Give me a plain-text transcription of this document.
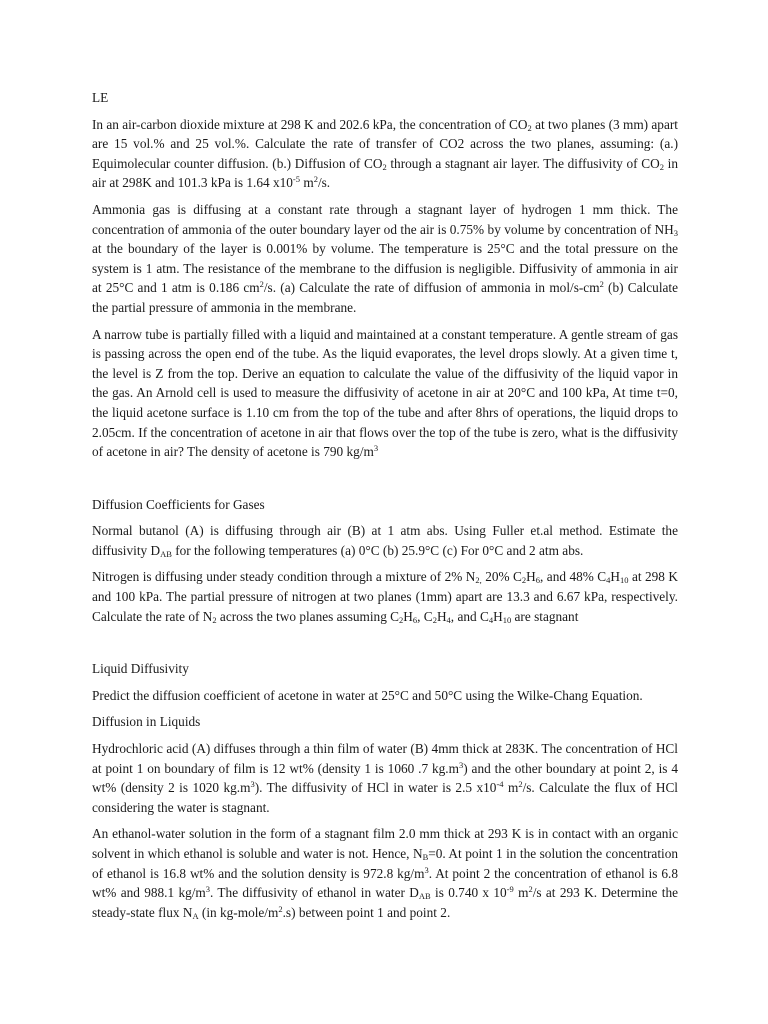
LE

In an air-carbon dioxide mixture at 298 K and 202.6 kPa, the concentration of $CO_2$ at two planes (3 mm) apart are 15 vol.% and 25 vol.%. Calculate the rate of transfer of CO2 across the two planes, assuming: (a.) Equimolecular counter diffusion. (b.) Diffusion of $CO_2$ through a stagnant air layer. The diffusivity of $CO_2$ in air at 298K and 101.3 kPa is 1.64 $x10^{-5}$ $m^2/s$.

Ammonia gas is diffusing at a constant rate through a stagnant layer of hydrogen 1 mm thick. The concentration of ammonia of the outer boundary layer od the air is 0.75% by volume by concentration of $NH_3$ at the boundary of the layer is 0.001% by volume. The temperature is 25°C and the total pressure on the system is 1 atm. The resistance of the membrane to the diffusion is negligible. Diffusivity of ammonia in air at 25°C and 1 atm is 0.186 $cm^2/s$. (a) Calculate the rate of diffusion of ammonia in mol/$s-cm^2$ (b) Calculate the partial pressure of ammonia in the membrane.

A narrow tube is partially filled with a liquid and maintained at a constant temperature. A gentle stream of gas is passing across the open end of the tube. As the liquid evaporates, the level drops slowly. At a given time t, the level is Z from the top. Derive an equation to calculate the value of the diffusivity of the liquid vapor in the gas. An Arnold cell is used to measure the diffusivity of acetone in air at 20°C and 100 kPa, At time t=0, the liquid acetone surface is 1.10 cm from the top of the tube and after 8hrs of operations, the liquid drops to 2.05cm. If the concentration of acetone in air that flows over the top of the tube is zero, what is the diffusivity of acetone in air? The density of acetone is 790 $kg/m^3$

Diffusion Coefficients for Gases

Normal butanol (A) is diffusing through air (B) at 1 atm abs. Using Fuller et.al method. Estimate the diffusivity $D_{AB}$ for the following temperatures (a) 0°C (b) 25.9°C (c) For 0°C and 2 atm abs.

Nitrogen is diffusing under steady condition through a mixture of 2% $N_{2,}$ 20% $C_2H_6$, and 48% $C_4H_{10}$ at 298 K and 100 kPa. The partial pressure of nitrogen at two planes (1mm) apart are 13.3 and 6.67 kPa, respectively. Calculate the rate of $N_2$ across the two planes assuming $C_2H_6$, $C_2H_4$, and $C_4H_{10}$ are stagnant

Liquid Diffusivity

Predict the diffusion coefficient of acetone in water at 25°C and 50°C using the Wilke-Chang Equation.

Diffusion in Liquids

Hydrochloric acid (A) diffuses through a thin film of water (B) 4mm thick at 283K. The concentration of HCl at point 1 on boundary of film is 12 wt% (density 1 is 1060 .7 $kg.m^3$) and the other boundary at point 2, is 4 wt% (density 2 is 1020 $kg.m^3$). The diffusivity of HCl in water is 2.5 $x10^{-4}$ $m^2/s$. Calculate the flux of HCl considering the water is stagnant.

An ethanol-water solution in the form of a stagnant film 2.0 mm thick at 293 K is in contact with an organic solvent in which ethanol is soluble and water is not. Hence, $N_B=0$. At point 1 in the solution the concentration of ethanol is 16.8 wt% and the solution density is 972.8 $kg/m^3$. At point 2 the concentration of ethanol is 6.8 wt% and 988.1 $kg/m^3$. The diffusivity of ethanol in water $D_{AB}$ is 0.740 x $10^{-9}$ $m^2/s$ at 293 K. Determine the steady-state flux $N_A$ (in $kg-mole/m^2.s$) between point 1 and point 2.
